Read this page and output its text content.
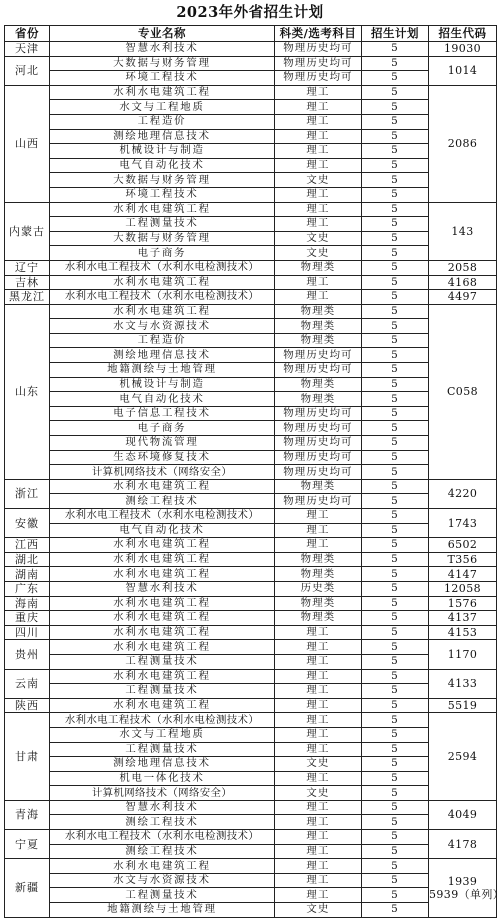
2023年外省招生计划
省份	专业名称	科类/选考科目	招生计划	招生代码
天津	智慧水利技术	物理历史均可	5	19030

河北	大数据与财务管理	物理历史均可	5	1014

	环境工程技术	物理历史均可	5	
山西	水利水电建筑工程	理工	5	2086

	水文与工程地质	理工	5	
	工程造价	理工	5	
	测绘地理信息技术	理工	5	
	机械设计与制造	理工	5	
	电气自动化技术	理工	5	
	大数据与财务管理	文史	5	
	环境工程技术	理工	5	
内蒙古	水利水电建筑工程	理工	5	143

	工程测量技术	理工	5	
	大数据与财务管理	文史	5	
	电子商务	文史	5	
辽宁	水利水电工程技术（水利水电检测技术）	物理类	5	2058

吉林	水利水电建筑工程	理工	5	4168

黑龙江	水利水电工程技术（水利水电检测技术）	理工	5	4497

山东	水利水电建筑工程	物理类	5	C058

	水文与水资源技术	物理类	5	
	工程造价	物理类	5	
	测绘地理信息技术	物理历史均可	5	
	地籍测绘与土地管理	物理历史均可	5	
	机械设计与制造	物理类	5	
	电气自动化技术	物理类	5	
	电子信息工程技术	物理历史均可	5	
	电子商务	物理历史均可	5	
	现代物流管理	物理历史均可	5	
	生态环境修复技术	物理历史均可	5	
	计算机网络技术（网络安全）	物理历史均可	5	
浙江	水利水电建筑工程	物理类	5	4220

	测绘工程技术	物理历史均可	5	
安徽	水利水电工程技术（水利水电检测技术）	理工	5	1743

	电气自动化技术	理工	5	
江西	水利水电建筑工程	理工	5	6502

湖北	水利水电建筑工程	物理类	5	T356

湖南	水利水电建筑工程	物理类	5	4147

广东	智慧水利技术	历史类	5	12058

海南	水利水电建筑工程	物理类	5	1576

重庆	水利水电建筑工程	物理类	5	4137

四川	水利水电建筑工程	理工	5	4153

贵州	水利水电建筑工程	理工	5	1170

	工程测量技术	理工	5	
云南	水利水电建筑工程	理工	5	4133

	工程测量技术	理工	5	
陕西	水利水电建筑工程	理工	5	5519

甘肃	水利水电工程技术（水利水电检测技术）	理工	5	2594

	水文与工程地质	理工	5	
	工程测量技术	理工	5	
	测绘地理信息技术	文史	5	
	机电一体化技术	理工	5	
	计算机网络技术（网络安全）	文史	5	
青海	智慧水利技术	理工	5	4049

	测绘工程技术	理工	5	
宁夏	水利水电工程技术（水利水电检测技术）	理工	5	4178

	测绘工程技术	理工	5	
新疆	水利水电建筑工程	理工	5	1939
5939（单列）

	水文与水资源技术	理工	5	
	工程测量技术	理工	5	
	地籍测绘与土地管理	文史	5	
